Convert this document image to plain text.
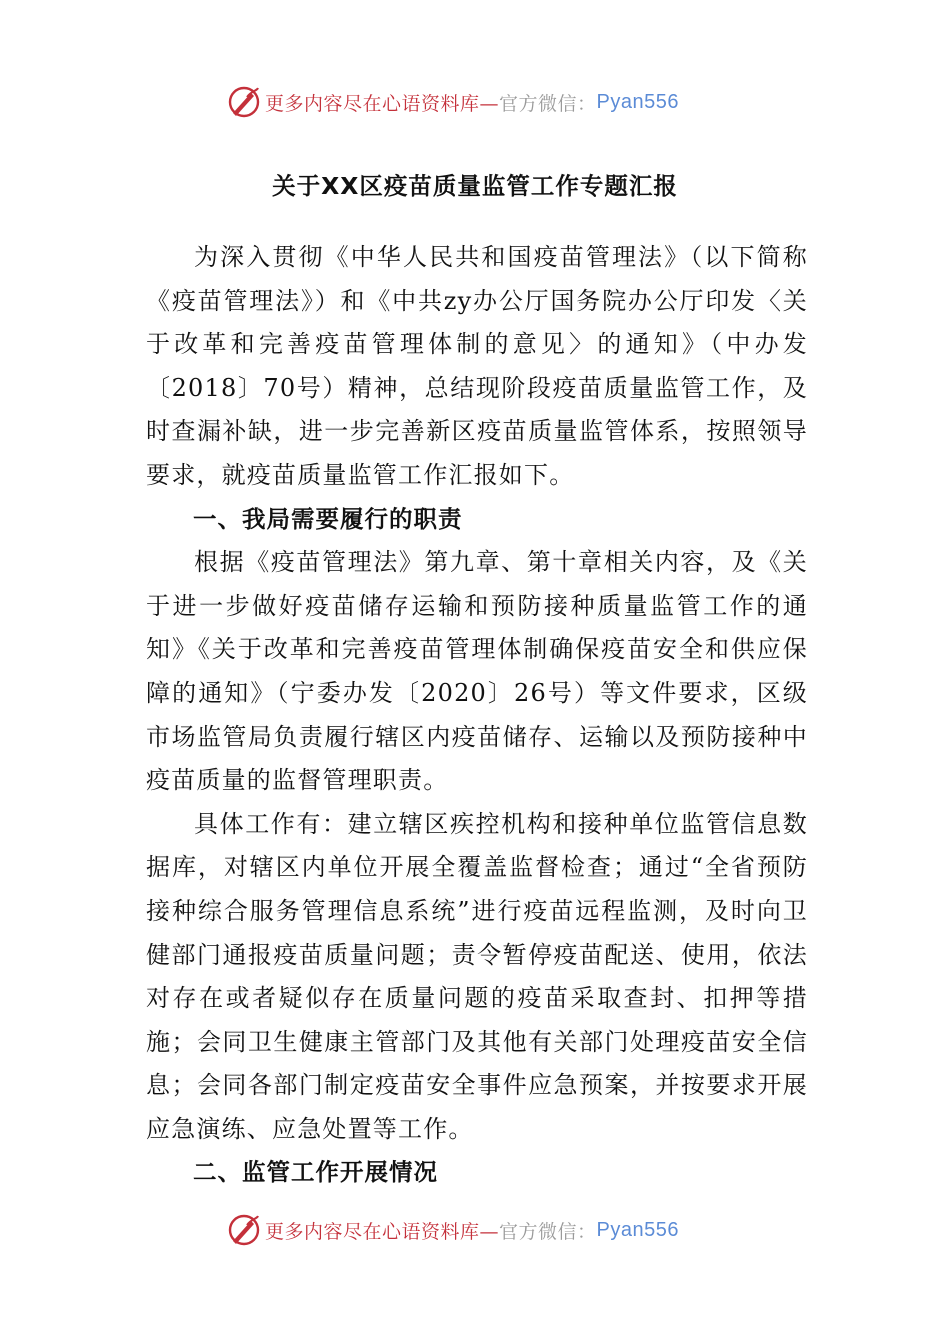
更多内容尽在心语资料库— 官方微信： Pyan556
关于XX区疫苗质量监管工作专题汇报

为深入贯彻《中华人民共和国疫苗管理法》（以下简称《疫苗管理法》）和《中共zy办公厅国务院办公厅印发〈关于改革和完善疫苗管理体制的意见〉的通知》（中办发〔2018〕70号）精神，总结现阶段疫苗质量监管工作，及时查漏补缺，进一步完善新区疫苗质量监管体系，按照领导要求，就疫苗质量监管工作汇报如下。

一、我局需要履行的职责

根据《疫苗管理法》第九章、第十章相关内容，及《关于进一步做好疫苗储存运输和预防接种质量监管工作的通知》《关于改革和完善疫苗管理体制确保疫苗安全和供应保障的通知》（宁委办发〔2020〕26号）等文件要求，区级市场监管局负责履行辖区内疫苗储存、运输以及预防接种中疫苗质量的监督管理职责。

具体工作有：建立辖区疾控机构和接种单位监管信息数据库，对辖区内单位开展全覆盖监督检查；通过“全省预防接种综合服务管理信息系统”进行疫苗远程监测，及时向卫健部门通报疫苗质量问题；责令暂停疫苗配送、使用，依法对存在或者疑似存在质量问题的疫苗采取查封、扣押等措施；会同卫生健康主管部门及其他有关部门处理疫苗安全信息；会同各部门制定疫苗安全事件应急预案，并按要求开展应急演练、应急处置等工作。

二、监管工作开展情况
更多内容尽在心语资料库— 官方微信： Pyan556
